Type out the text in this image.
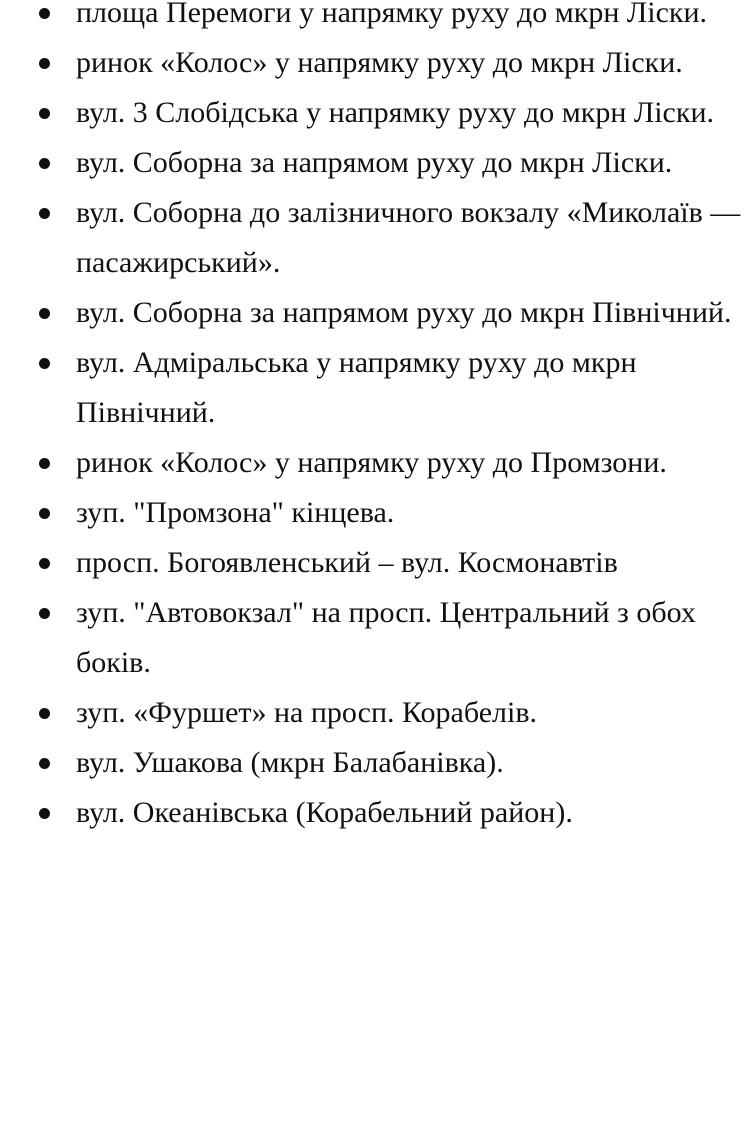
площа Перемоги у напрямку руху до мкрн Ліски.
ринок «Колос» у напрямку руху до мкрн Ліски.
вул. 3 Слобідська у напрямку руху до мкрн Ліски.
вул. Соборна за напрямом руху до мкрн Ліски.
вул. Соборна до залізничного вокзалу «Миколаїв — пасажирський».
вул. Соборна за напрямом руху до мкрн Північний.
вул. Адміральська у напрямку руху до мкрн Північний.
ринок «Колос» у напрямку руху до Промзони.
зуп. "Промзона" кінцева.
просп. Богоявленський – вул. Космонавтів
зуп. "Автовокзал" на просп. Центральний з обох боків.
зуп. «Фуршет» на просп. Корабелів.
вул. Ушакова (мкрн Балабанівка).
вул. Океанівська (Корабельний район).
